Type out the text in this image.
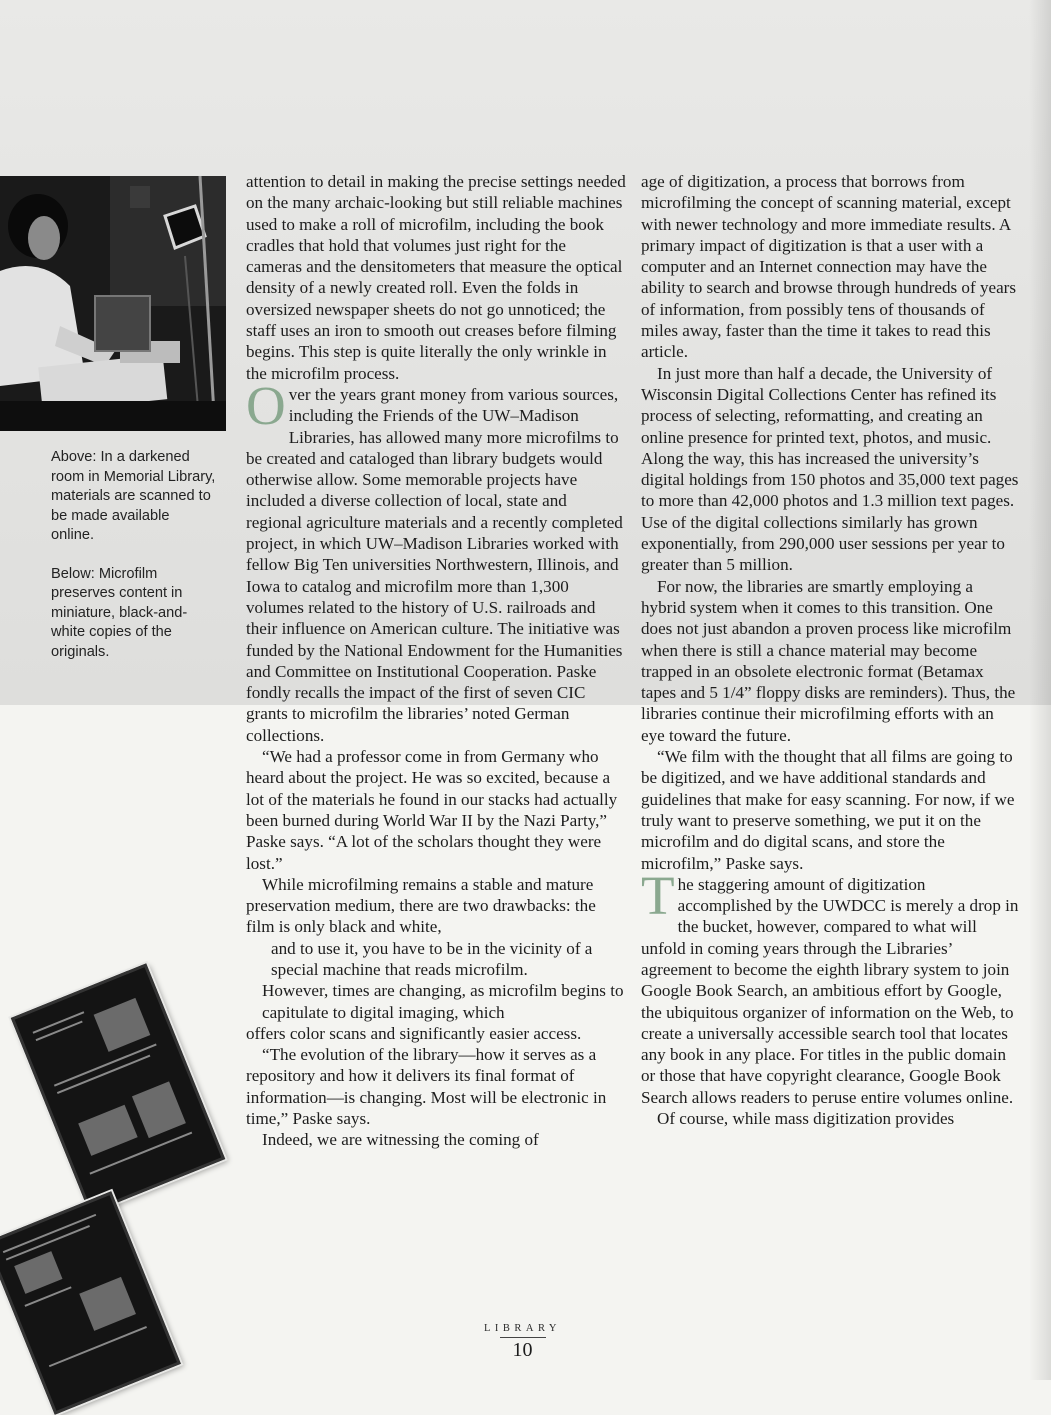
Above: In a darkened room in Memorial Library, materials are scanned to be made available online.

Below: Microfilm preserves content in miniature, black-and-white copies of the originals.

attention to detail in making the precise settings needed on the many archaic-looking but still reliable machines used to make a roll of microfilm, including the book cradles that hold that volumes just right for the cameras and the densitometers that measure the optical density of a newly created roll. Even the folds in oversized newspaper sheets do not go unnoticed; the staff uses an iron to smooth out creases before filming begins. This step is quite literally the only wrinkle in the microfilm process.

Over the years grant money from various sources, including the Friends of the UW–Madison Libraries, has allowed many more microfilms to be created and cataloged than library budgets would otherwise allow. Some memorable projects have included a diverse collection of local, state and regional agriculture materials and a recently completed project, in which UW–Madison Libraries worked with fellow Big Ten universities Northwestern, Illinois, and Iowa to catalog and microfilm more than 1,300 volumes related to the history of U.S. railroads and their influence on American culture. The initiative was funded by the National Endowment for the Humanities and Committee on Institutional Cooperation. Paske fondly recalls the impact of the first of seven CIC grants to microfilm the libraries’ noted German collections.

“We had a professor come in from Germany who heard about the project. He was so excited, because a lot of the materials he found in our stacks had actually been burned during World War II by the Nazi Party,” Paske says. “A lot of the scholars thought they were lost.”

While microfilming remains a stable and mature preservation medium, there are two drawbacks: the film is only black and white,

and to use it, you have to be in the vicinity of a special machine that reads microfilm.

However, times are changing, as microfilm begins to capitulate to digital imaging, which

offers color scans and significantly easier access.

“The evolution of the library—how it serves as a repository and how it delivers its final format of information—is changing. Most will be electronic in time,” Paske says.

Indeed, we are witnessing the coming of

age of digitization, a process that borrows from microfilming the concept of scanning material, except with newer technology and more immediate results. A primary impact of digitization is that a user with a computer and an Internet connection may have the ability to search and browse through hundreds of years of information, from possibly tens of thousands of miles away, faster than the time it takes to read this article.

In just more than half a decade, the University of Wisconsin Digital Collections Center has refined its process of selecting, reformatting, and creating an online presence for printed text, photos, and music. Along the way, this has increased the university’s digital holdings from 150 photos and 35,000 text pages to more than 42,000 photos and 1.3 million text pages. Use of the digital collections similarly has grown exponentially, from 290,000 user sessions per year to greater than 5 million.

For now, the libraries are smartly employing a hybrid system when it comes to this transition. One does not just abandon a proven process like microfilm when there is still a chance material may become trapped in an obsolete electronic format (Betamax tapes and 5 1/4” floppy disks are reminders). Thus, the libraries continue their microfilming efforts with an eye toward the future.

“We film with the thought that all films are going to be digitized, and we have additional standards and guidelines that make for easy scanning. For now, if we truly want to preserve something, we put it on the microfilm and do digital scans, and store the microfilm,” Paske says.

The staggering amount of digitization accomplished by the UWDCC is merely a drop in the bucket, however, compared to what will unfold in coming years through the Libraries’ agreement to become the eighth library system to join Google Book Search, an ambitious effort by Google, the ubiquitous organizer of information on the Web, to create a universally accessible search tool that locates any book in any place. For titles in the public domain or those that have copyright clearance, Google Book Search allows readers to peruse entire volumes online.

Of course, while mass digitization provides

LIBRARY
10
